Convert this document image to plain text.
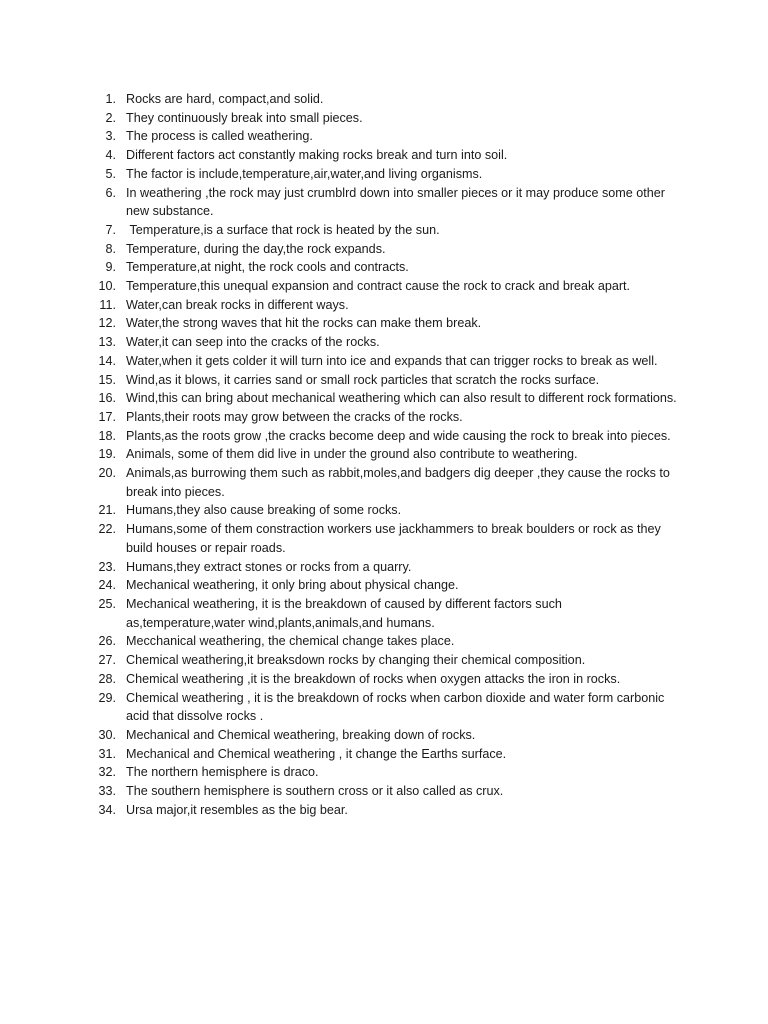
1. Rocks are hard, compact,and solid.
2. They continuously break into small pieces.
3. The process is called weathering.
4. Different factors act constantly making rocks break and turn into soil.
5. The factor is include,temperature,air,water,and living organisms.
6. In weathering ,the rock may just crumblrd down into smaller pieces or it may produce some other new substance.
7. Temperature,is a surface that rock is heated by the sun.
8. Temperature, during the day,the rock expands.
9. Temperature,at night, the rock cools and contracts.
10. Temperature,this unequal expansion and contract cause the rock to crack and break apart.
11. Water,can break rocks in different ways.
12. Water,the strong waves that hit the rocks can make them break.
13. Water,it can seep into the cracks of the rocks.
14. Water,when it gets colder it will turn into ice and expands that can trigger rocks to break as well.
15. Wind,as it blows, it carries sand or small rock particles that scratch the rocks surface.
16. Wind,this can bring about mechanical weathering which can also result to different rock formations.
17. Plants,their roots may grow between the cracks of the rocks.
18. Plants,as the roots grow ,the cracks become deep and wide causing the rock to break into pieces.
19. Animals, some of them did live in under the ground also contribute to weathering.
20. Animals,as burrowing them such as rabbit,moles,and badgers dig deeper ,they cause the rocks to break into pieces.
21. Humans,they also cause breaking of some rocks.
22. Humans,some of them constraction workers use jackhammers to break boulders or rock as they build houses or repair roads.
23. Humans,they extract stones or rocks from a quarry.
24. Mechanical weathering, it only bring about physical change.
25. Mechanical weathering, it is the breakdown of caused by different factors such as,temperature,water wind,plants,animals,and humans.
26. Mecchanical weathering, the chemical change takes place.
27. Chemical weathering,it breaksdown rocks by changing their chemical composition.
28. Chemical weathering ,it is the breakdown of rocks when oxygen attacks the iron in rocks.
29. Chemical weathering , it is the breakdown of rocks when carbon dioxide and water form carbonic acid that dissolve rocks .
30. Mechanical and Chemical weathering, breaking down of rocks.
31. Mechanical and Chemical weathering , it change the Earths surface.
32. The northern hemisphere is draco.
33. The southern hemisphere is southern cross or it also called as crux.
34. Ursa major,it resembles as the big bear.
